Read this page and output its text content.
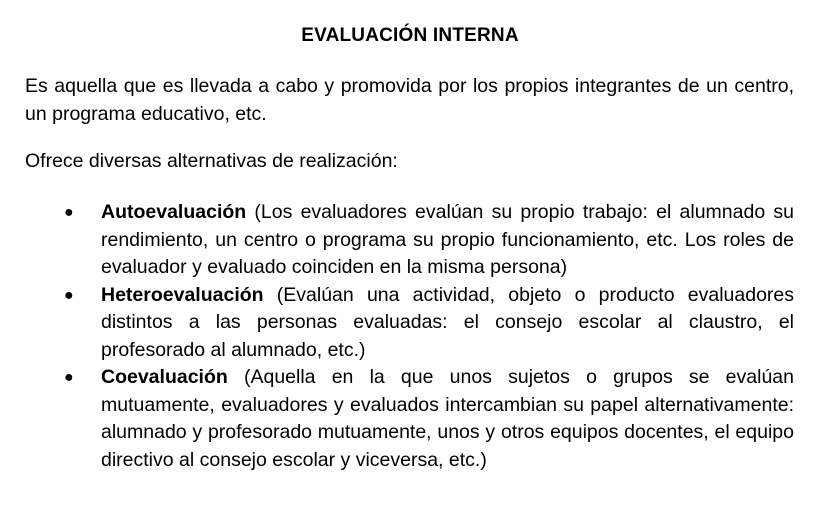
EVALUACIÓN INTERNA

Es aquella que es llevada a cabo y promovida por los propios integrantes de un centro, un programa educativo, etc.

Ofrece diversas alternativas de realización:

● Autoevaluación (Los evaluadores evalúan su propio trabajo: el alumnado su rendimiento, un centro o programa su propio funcionamiento, etc. Los roles de evaluador y evaluado coinciden en la misma persona)
● Heteroevaluación (Evalúan una actividad, objeto o producto evaluadores distintos a las personas evaluadas: el consejo escolar al claustro, el profesorado al alumnado, etc.)
● Coevaluación (Aquella en la que unos sujetos o grupos se evalúan mutuamente, evaluadores y evaluados intercambian su papel alternativamente: alumnado y profesorado mutuamente, unos y otros equipos docentes, el equipo directivo al consejo escolar y viceversa, etc.)
